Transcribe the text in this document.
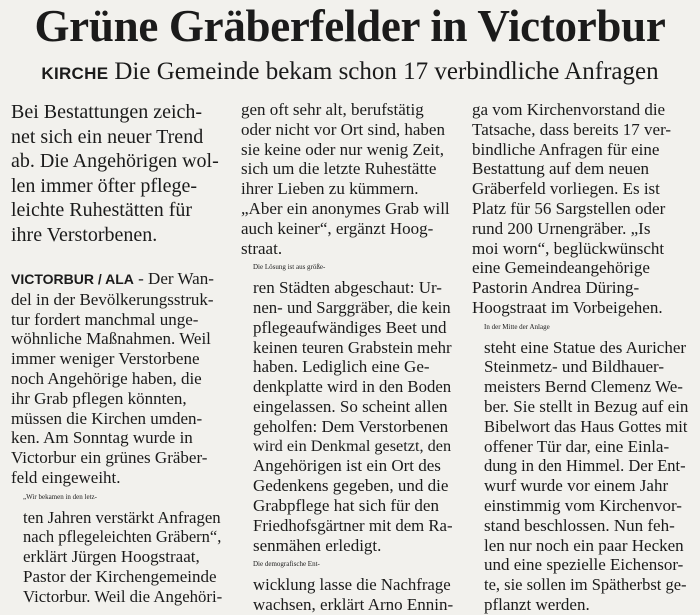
Grüne Gräberfelder in Victorbur
KIRCHE Die Gemeinde bekam schon 17 verbindliche Anfragen
Bei Bestattungen zeich-
net sich ein neuer Trend
ab. Die Angehörigen wol-
len immer öfter pflege-
leichte Ruhestätten für
ihre Verstorbenen.

VICTORBUR / ALA - Der Wan-
del in der Bevölkerungsstruk-
tur fordert manchmal unge-
wöhnliche Maßnahmen. Weil
immer weniger Verstorbene
noch Angehörige haben, die
ihr Grab pflegen könnten,
müssen die Kirchen umden-
ken. Am Sonntag wurde in
Victorbur ein grünes Gräber-
feld eingeweiht.

„Wir bekamen in den letz-
ten Jahren verstärkt Anfragen
nach pflegeleichten Gräbern“,
erklärt Jürgen Hoogstraat,
Pastor der Kirchengemeinde
Victorbur. Weil die Angehöri-

gen oft sehr alt, berufstätig
oder nicht vor Ort sind, haben
sie keine oder nur wenig Zeit,
sich um die letzte Ruhestätte
ihrer Lieben zu kümmern.
„Aber ein anonymes Grab will
auch keiner“, ergänzt Hoog-
straat.

Die Lösung ist aus größe-
ren Städten abgeschaut: Ur-
nen- und Sarggräber, die kein
pflegeaufwändiges Beet und
keinen teuren Grabstein mehr
haben. Lediglich eine Ge-
denkplatte wird in den Boden
eingelassen. So scheint allen
geholfen: Dem Verstorbenen
wird ein Denkmal gesetzt, den
Angehörigen ist ein Ort des
Gedenkens gegeben, und die
Grabpflege hat sich für den
Friedhofsgärtner mit dem Ra-
senmähen erledigt.

Die demografische Ent-
wicklung lasse die Nachfrage
wachsen, erklärt Arno Ennin-

ga vom Kirchenvorstand die
Tatsache, dass bereits 17 ver-
bindliche Anfragen für eine
Bestattung auf dem neuen
Gräberfeld vorliegen. Es ist
Platz für 56 Sargstellen oder
rund 200 Urnengräber. „Is
moi worn“, beglückwünscht
eine Gemeindeangehörige
Pastorin Andrea Düring-
Hoogstraat im Vorbeigehen.

In der Mitte der Anlage
steht eine Statue des Auricher
Steinmetz- und Bildhauer-
meisters Bernd Clemenz We-
ber. Sie stellt in Bezug auf ein
Bibelwort das Haus Gottes mit
offener Tür dar, eine Einla-
dung in den Himmel. Der Ent-
wurf wurde vor einem Jahr
einstimmig vom Kirchenvor-
stand beschlossen. Nun feh-
len nur noch ein paar Hecken
und eine spezielle Eichensor-
te, sie sollen im Spätherbst ge-
pflanzt werden.
